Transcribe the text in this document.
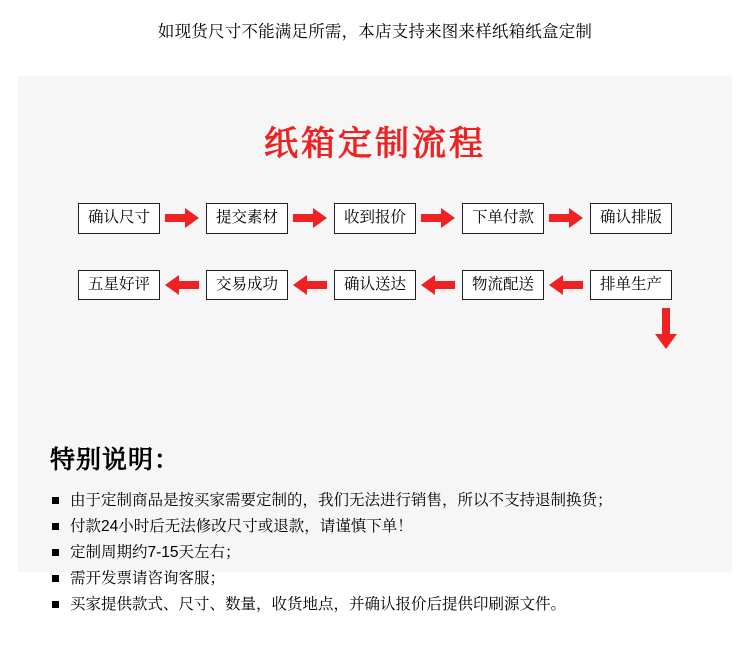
如现货尺寸不能满足所需，本店支持来图来样纸箱纸盒定制
纸箱定制流程
确认尺寸	提交素材	收到报价	下单付款	确认排版
五星好评	交易成功	确认送达	物流配送	排单生产
特别说明：
由于定制商品是按买家需要定制的，我们无法进行销售，所以不支持退制换货；
付款24小时后无法修改尺寸或退款，请谨慎下单！
定制周期约7-15天左右；
需开发票请咨询客服；
买家提供款式、尺寸、数量，收货地点，并确认报价后提供印刷源文件。
